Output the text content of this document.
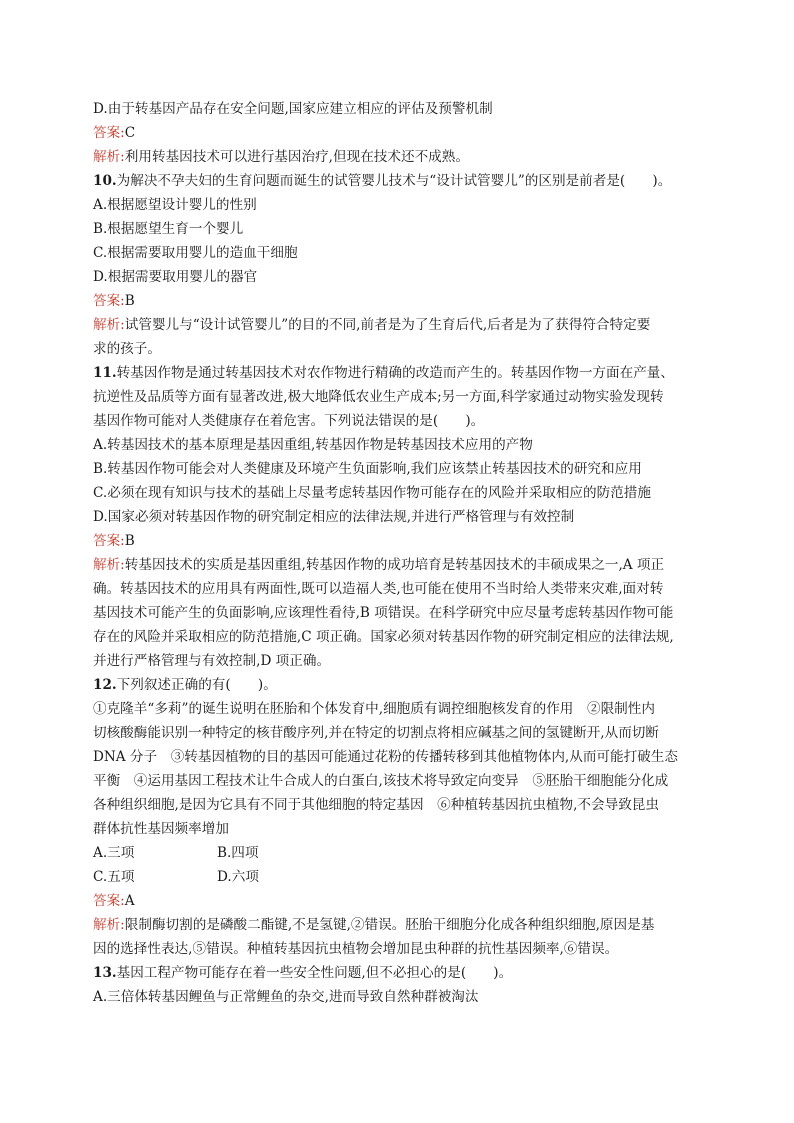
D.由于转基因产品存在安全问题,国家应建立相应的评估及预警机制
答案:C
解析:利用转基因技术可以进行基因治疗,但现在技术还不成熟。
10.为解决不孕夫妇的生育问题而诞生的试管婴儿技术与“设计试管婴儿”的区别是前者是(　　)。
A.根据愿望设计婴儿的性别
B.根据愿望生育一个婴儿
C.根据需要取用婴儿的造血干细胞
D.根据需要取用婴儿的器官
答案:B
解析:试管婴儿与“设计试管婴儿”的目的不同,前者是为了生育后代,后者是为了获得符合特定要
求的孩子。
11.转基因作物是通过转基因技术对农作物进行精确的改造而产生的。转基因作物一方面在产量、
抗逆性及品质等方面有显著改进,极大地降低农业生产成本;另一方面,科学家通过动物实验发现转
基因作物可能对人类健康存在着危害。下列说法错误的是(　　)。
A.转基因技术的基本原理是基因重组,转基因作物是转基因技术应用的产物
B.转基因作物可能会对人类健康及环境产生负面影响,我们应该禁止转基因技术的研究和应用
C.必须在现有知识与技术的基础上尽量考虑转基因作物可能存在的风险并采取相应的防范措施
D.国家必须对转基因作物的研究制定相应的法律法规,并进行严格管理与有效控制
答案:B
解析:转基因技术的实质是基因重组,转基因作物的成功培育是转基因技术的丰硕成果之一,A 项正
确。转基因技术的应用具有两面性,既可以造福人类,也可能在使用不当时给人类带来灾难,面对转
基因技术可能产生的负面影响,应该理性看待,B 项错误。在科学研究中应尽量考虑转基因作物可能
存在的风险并采取相应的防范措施,C 项正确。国家必须对转基因作物的研究制定相应的法律法规,
并进行严格管理与有效控制,D 项正确。
12.下列叙述正确的有(　　)。
①克隆羊“多莉”的诞生说明在胚胎和个体发育中,细胞质有调控细胞核发育的作用　②限制性内
切核酸酶能识别一种特定的核苷酸序列,并在特定的切割点将相应碱基之间的氢键断开,从而切断
DNA 分子　③转基因植物的目的基因可能通过花粉的传播转移到其他植物体内,从而可能打破生态
平衡　④运用基因工程技术让牛合成人的白蛋白,该技术将导致定向变异　⑤胚胎干细胞能分化成
各种组织细胞,是因为它具有不同于其他细胞的特定基因　⑥种植转基因抗虫植物,不会导致昆虫
群体抗性基因频率增加
A.三项	B.四项
C.五项	D.六项
答案:A
解析:限制酶切割的是磷酸二酯键,不是氢键,②错误。胚胎干细胞分化成各种组织细胞,原因是基
因的选择性表达,⑤错误。种植转基因抗虫植物会增加昆虫种群的抗性基因频率,⑥错误。
13.基因工程产物可能存在着一些安全性问题,但不必担心的是(　　)。
A.三倍体转基因鲤鱼与正常鲤鱼的杂交,进而导致自然种群被淘汰
